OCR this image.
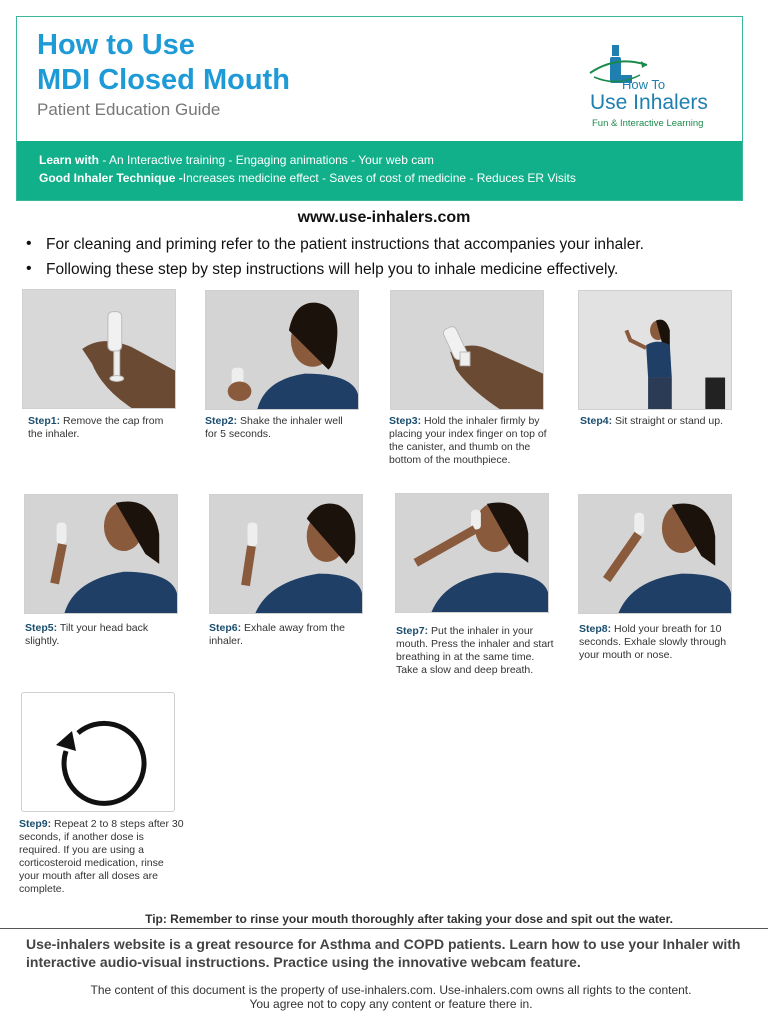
How to Use
MDI Closed Mouth
Patient Education Guide
How To
Use Inhalers
Fun & Interactive Learning
Learn with - An Interactive training - Engaging animations - Your web cam
Good Inhaler Technique -Increases medicine effect - Saves of cost of medicine - Reduces ER Visits
www.use-inhalers.com
• For cleaning and priming refer to the patient instructions that accompanies your inhaler.
• Following these step by step instructions will help you to inhale medicine effectively.
Step1: Remove the cap from the inhaler.
Step2: Shake the inhaler well for 5 seconds.
Step3: Hold the inhaler firmly by placing your index finger on top of the canister, and thumb on the bottom of the mouthpiece.
Step4: Sit straight or stand up.
Step5: Tilt your head back slightly.
Step6: Exhale away from the inhaler.
Step7: Put the inhaler in your mouth. Press the inhaler and start breathing in at the same time. Take a slow and deep breath.
Step8: Hold your breath for 10 seconds. Exhale slowly through your mouth or nose.
Step9: Repeat 2 to 8 steps after 30 seconds, if another dose is required. If you are using a corticosteroid medication, rinse your mouth after all doses are complete.
Tip: Remember to rinse your mouth thoroughly after taking your dose and spit out the water.
Use-inhalers website is a great resource for Asthma and COPD patients. Learn how to use your Inhaler with interactive audio-visual instructions. Practice using the innovative webcam feature.
The content of this document is the property of use-inhalers.com. Use-inhalers.com owns all rights to the content.
You agree not to copy any content or feature there in.
